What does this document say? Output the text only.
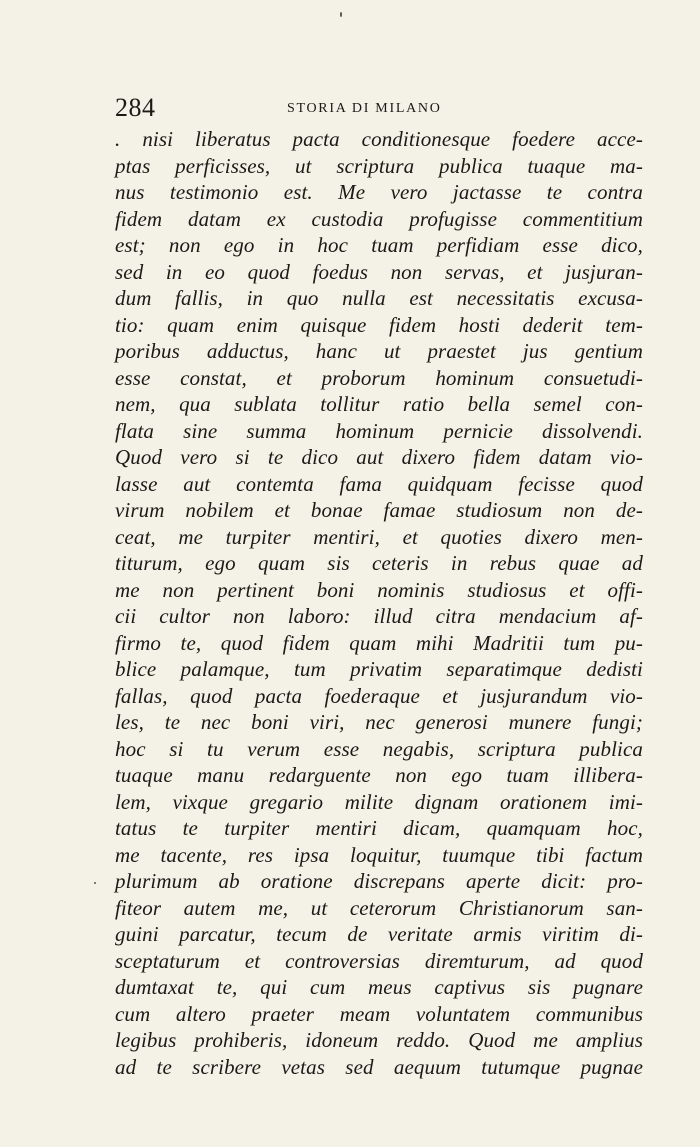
284	STORIA DI MILANO
. nisi liberatus pacta conditionesque foedere acce-
ptas perficisses, ut scriptura publica tuaque ma-
nus testimonio est. Me vero jactasse te contra
fidem datam ex custodia profugisse commentitium
est; non ego in hoc tuam perfidiam esse dico,
sed in eo quod foedus non servas, et jusjuran-
dum fallis, in quo nulla est necessitatis excusa-
tio: quam enim quisque fidem hosti dederit tem-
poribus adductus, hanc ut praestet jus gentium
esse constat, et proborum hominum consuetudi-
nem, qua sublata tollitur ratio bella semel con-
flata sine summa hominum pernicie dissolvendi.
Quod vero si te dico aut dixero fidem datam vio-
lasse aut contemta fama quidquam fecisse quod
virum nobilem et bonae famae studiosum non de-
ceat, me turpiter mentiri, et quoties dixero men-
titurum, ego quam sis ceteris in rebus quae ad
me non pertinent boni nominis studiosus et offi-
cii cultor non laboro: illud citra mendacium af-
firmo te, quod fidem quam mihi Madritii tum pu-
blice palamque, tum privatim separatimque dedisti
fallas, quod pacta foederaque et jusjurandum vio-
les, te nec boni viri, nec generosi munere fungi;
hoc si tu verum esse negabis, scriptura publica
tuaque manu redarguente non ego tuam illibera-
lem, vixque gregario milite dignam orationem imi-
tatus te turpiter mentiri dicam, quamquam hoc,
me tacente, res ipsa loquitur, tuumque tibi factum
plurimum ab oratione discrepans aperte dicit: pro-
fiteor autem me, ut ceterorum Christianorum san-
guini parcatur, tecum de veritate armis viritim di-
sceptaturum et controversias diremturum, ad quod
dumtaxat te, qui cum meus captivus sis pugnare
cum altero praeter meam voluntatem communibus
legibus prohiberis, idoneum reddo. Quod me amplius
ad te scribere vetas sed aequum tutumque pugnae
